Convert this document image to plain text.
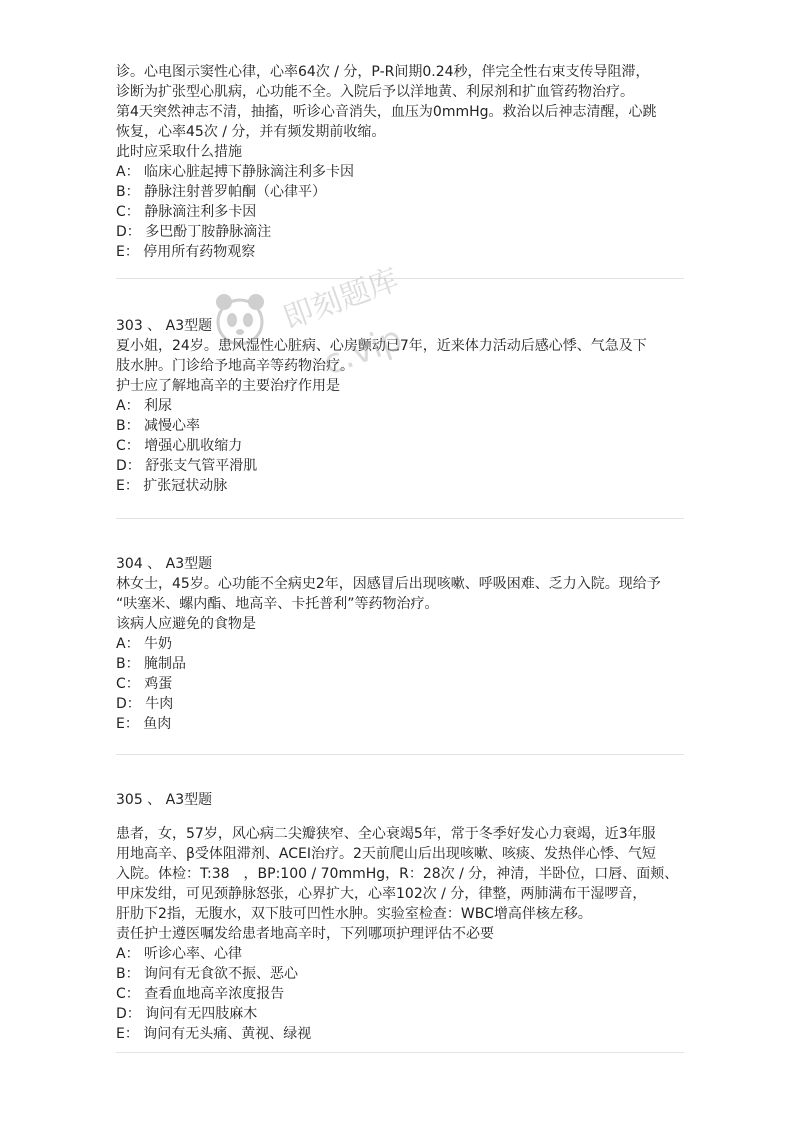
诊。心电图示窦性心律，心率64次 / 分，P-R间期0.24秒，伴完全性右束支传导阻滞，
诊断为扩张型心肌病，心功能不全。入院后予以洋地黄、利尿剂和扩血管药物治疗。
第4天突然神志不清，抽搐，听诊心音消失，血压为0mmHg。救治以后神志清醒，心跳
恢复，心率45次 / 分，并有频发期前收缩。
此时应采取什么措施
A： 临床心脏起搏下静脉滴注利多卡因
B： 静脉注射普罗帕酮（心律平）
C： 静脉滴注利多卡因
D： 多巴酚丁胺静脉滴注
E： 停用所有药物观察
303 、 A3型题
夏小姐，24岁。患风湿性心脏病、心房颤动已7年，近来体力活动后感心悸、气急及下
肢水肿。门诊给予地高辛等药物治疗。
护士应了解地高辛的主要治疗作用是
A： 利尿
B： 减慢心率
C： 增强心肌收缩力
D： 舒张支气管平滑肌
E： 扩张冠状动脉
304 、 A3型题
林女士，45岁。心功能不全病史2年，因感冒后出现咳嗽、呼吸困难、乏力入院。现给予
“呋塞米、螺内酯、地高辛、卡托普利”等药物治疗。
该病人应避免的食物是
A： 牛奶
B： 腌制品
C： 鸡蛋
D： 牛肉
E： 鱼肉
305 、 A3型题
患者，女，57岁，风心病二尖瓣狭窄、全心衰竭5年，常于冬季好发心力衰竭，近3年服
用地高辛、β受体阻滞剂、ACEI治疗。2天前爬山后出现咳嗽、咳痰、发热伴心悸、气短
入院。体检：T:38　，BP:100 / 70mmHg，R：28次 / 分，神清，半卧位，口唇、面颊、
甲床发绀，可见颈静脉怒张，心界扩大，心率102次 / 分，律整，两肺满布干湿啰音，
肝肋下2指，无腹水，双下肢可凹性水肿。实验室检查：WBC增高伴核左移。
责任护士遵医嘱发给患者地高辛时，下列哪项护理评估不必要
A： 听诊心率、心律
B： 询问有无食欲不振、恶心
C： 查看血地高辛浓度报告
D： 询问有无四肢麻木
E： 询问有无头痛、黄视、绿视
即刻题库
c.vip
